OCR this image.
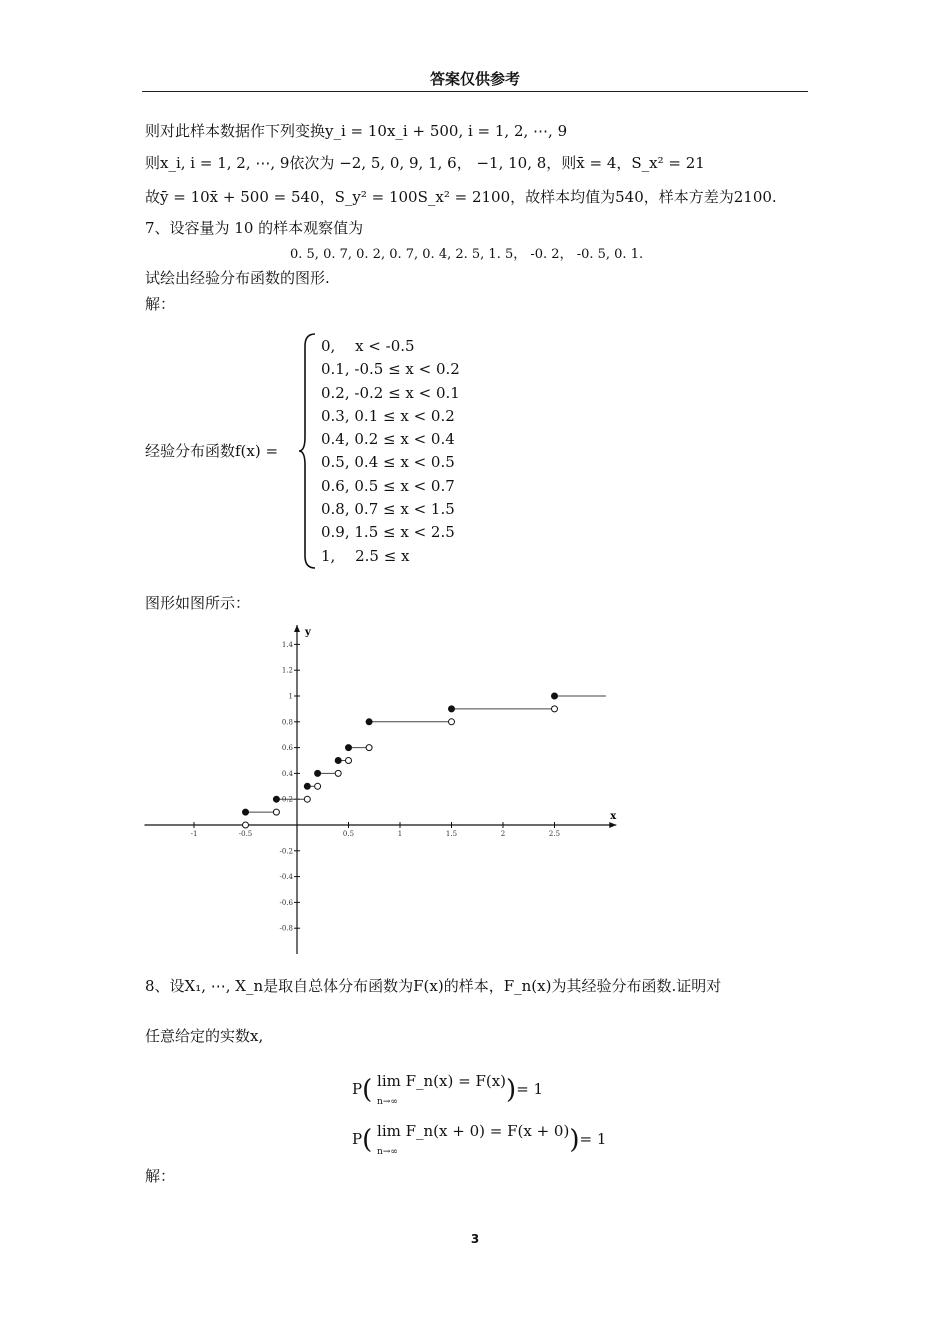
答案仅供参考
则对此样本数据作下列变换y_i = 10x_i + 500, i = 1, 2, ⋯, 9
则x_i, i = 1, 2, ⋯, 9依次为 −2, 5, 0, 9, 1, 6， −1, 10, 8，则x̄ = 4，S_x² = 21
故ȳ = 10x̄ + 500 = 540，S_y² = 100S_x² = 2100，故样本均值为540，样本方差为2100.
7、设容量为 10 的样本观察值为
0. 5, 0. 7, 0. 2, 0. 7, 0. 4, 2. 5, 1. 5， -0. 2， -0. 5, 0. 1.
试绘出经验分布函数的图形.
解：
经验分布函数f(x) =
0,　 x < -0.5
0.1, -0.5 ≤ x < 0.2
0.2, -0.2 ≤ x < 0.1
0.3, 0.1 ≤ x < 0.2
0.4, 0.2 ≤ x < 0.4
0.5, 0.4 ≤ x < 0.5
0.6, 0.5 ≤ x < 0.7
0.8, 0.7 ≤ x < 1.5
0.9, 1.5 ≤ x < 2.5
1,　 2.5 ≤ x
图形如图所示：
x
y
-1	-0.5	0.5	1	1.5	2	2.5
1.4
1.2
1
0.8
0.6
0.4
0.2
-0.2
-0.4
-0.6
-0.8
8、设X₁, ⋯, X_n是取自总体分布函数为F(x)的样本，F_n(x)为其经验分布函数.证明对
任意给定的实数x,
P( lim F_n(x) = F(x)
n→∞	)= 1
P( lim F_n(x + 0) = F(x + 0)
n→∞	)= 1
解：
3
